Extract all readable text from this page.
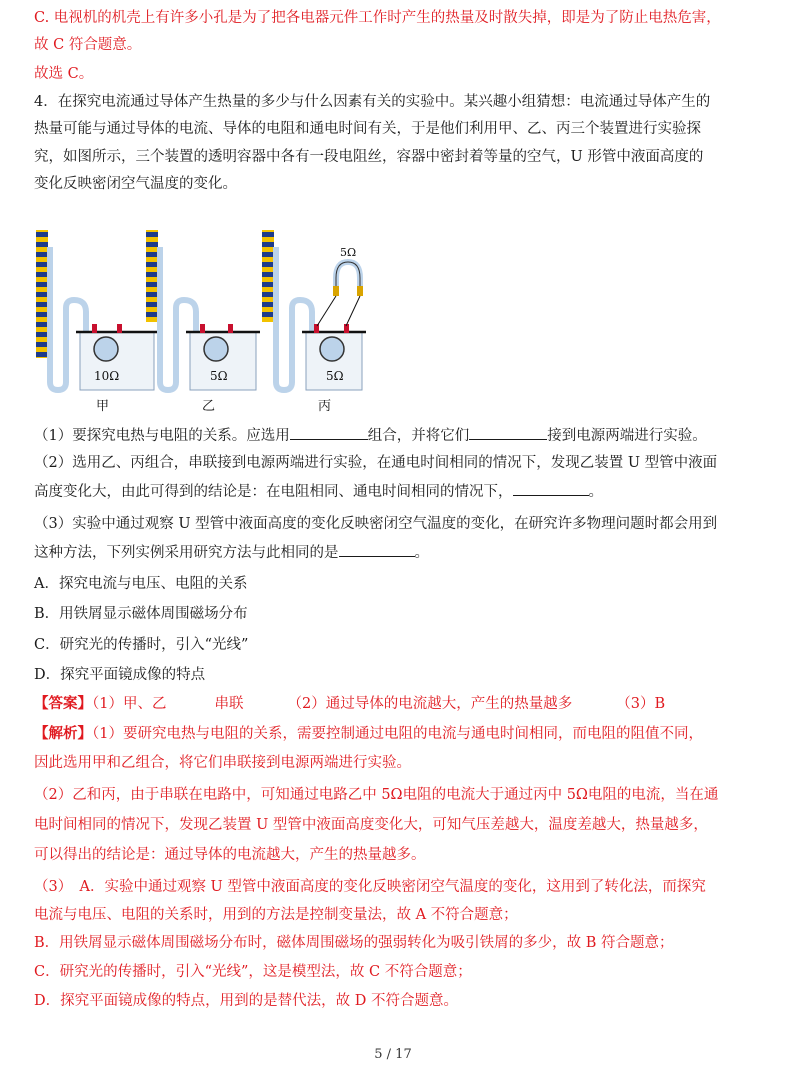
C. 电视机的机壳上有许多小孔是为了把各电器元件工作时产生的热量及时散失掉，即是为了防止电热危害，
故 C 符合题意。
故选 C。
4．在探究电流通过导体产生热量的多少与什么因素有关的实验中。某兴趣小组猜想：电流通过导体产生的
热量可能与通过导体的电流、导体的电阻和通电时间有关，于是他们利用甲、乙、丙三个装置进行实验探
究，如图所示，三个装置的透明容器中各有一段电阻丝，容器中密封着等量的空气，U 形管中液面高度的
变化反映密闭空气温度的变化。
10Ω
甲
5Ω
乙
5Ω
丙
5Ω
（1）要探究电热与电阻的关系。应选用	组合，并将它们	接到电源两端进行实验。
（2）选用乙、丙组合，串联接到电源两端进行实验，在通电时间相同的情况下，发现乙装置 U 型管中液面
高度变化大，由此可得到的结论是：在电阻相同、通电时间相同的情况下，	。
（3）实验中通过观察 U 型管中液面高度的变化反映密闭空气温度的变化，在研究许多物理问题时都会用到
这种方法，下列实例采用研究方法与此相同的是	。
A．探究电流与电压、电阻的关系
B．用铁屑显示磁体周围磁场分布
C．研究光的传播时，引入“光线”
D．探究平面镜成像的特点
【答案】（1）甲、乙	串联	（2）通过导体的电流越大，产生的热量越多	（3）B
【解析】（1）要研究电热与电阻的关系，需要控制通过电阻的电流与通电时间相同，而电阻的阻值不同，
因此选用甲和乙组合，将它们串联接到电源两端进行实验。
（2）乙和丙，由于串联在电路中，可知通过电路乙中 5Ω电阻的电流大于通过丙中 5Ω电阻的电流，当在通
电时间相同的情况下，发现乙装置 U 型管中液面高度变化大，可知气压差越大，温度差越大，热量越多，
可以得出的结论是：通过导体的电流越大，产生的热量越多。
（3）　A．实验中通过观察 U 型管中液面高度的变化反映密闭空气温度的变化，这用到了转化法，而探究
电流与电压、电阻的关系时，用到的方法是控制变量法，故 A 不符合题意；
B．用铁屑显示磁体周围磁场分布时，磁体周围磁场的强弱转化为吸引铁屑的多少，故 B 符合题意；
C．研究光的传播时，引入“光线”，这是模型法，故 C 不符合题意；
D．探究平面镜成像的特点，用到的是替代法，故 D 不符合题意。
5 / 17
